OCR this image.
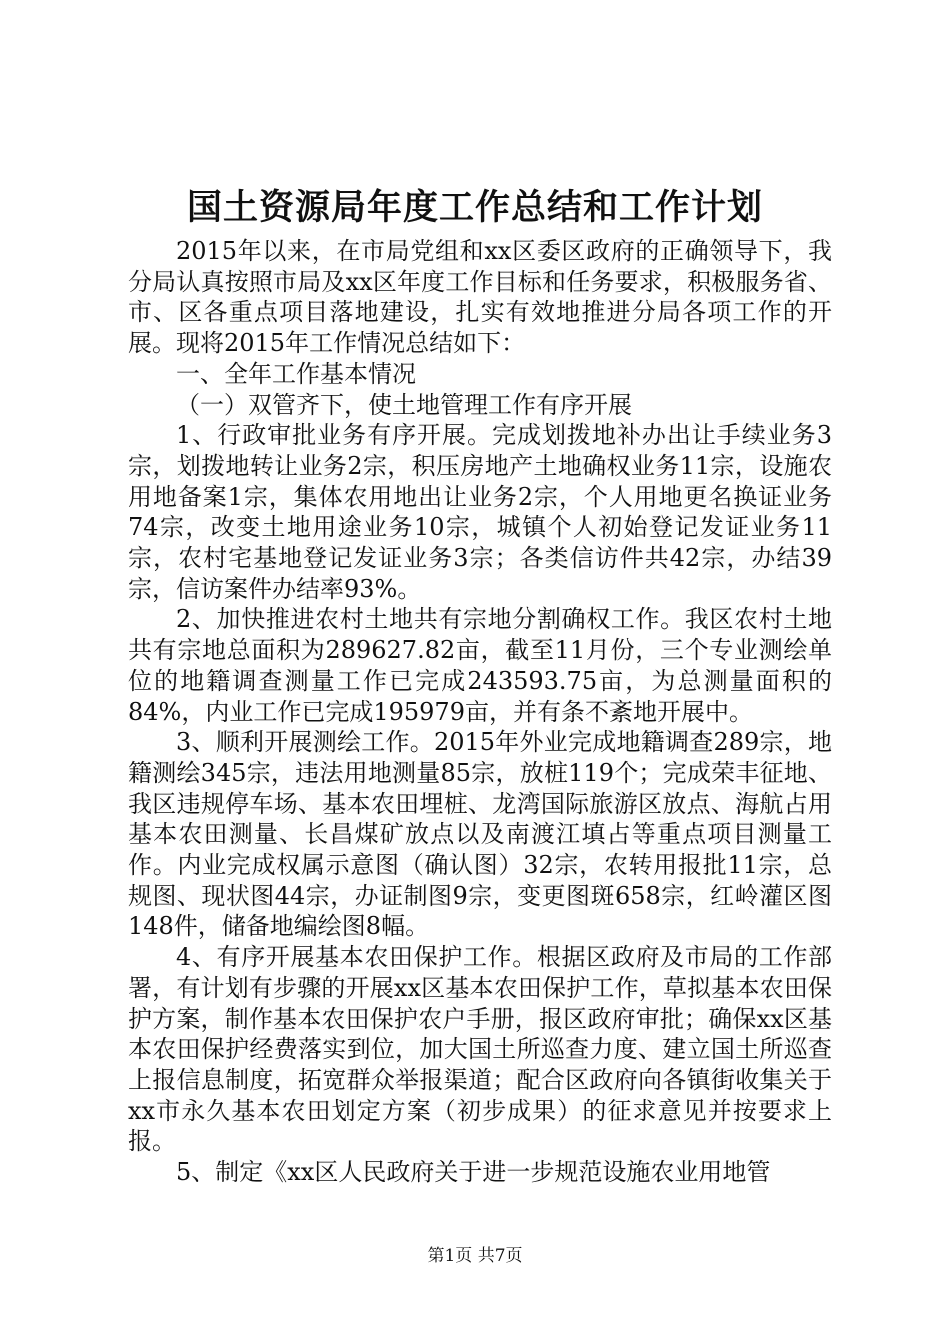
国土资源局年度工作总结和工作计划

2015年以来，在市局党组和xx区委区政府的正确领导下，我分局认真按照市局及xx区年度工作目标和任务要求，积极服务省、市、区各重点项目落地建设，扎实有效地推进分局各项工作的开展。现将2015年工作情况总结如下：

一、全年工作基本情况

（一）双管齐下，使土地管理工作有序开展

1、行政审批业务有序开展。完成划拨地补办出让手续业务3宗，划拨地转让业务2宗，积压房地产土地确权业务11宗，设施农用地备案1宗，集体农用地出让业务2宗，个人用地更名换证业务74宗，改变土地用途业务10宗，城镇个人初始登记发证业务11宗，农村宅基地登记发证业务3宗；各类信访件共42宗，办结39宗，信访案件办结率93%。

2、加快推进农村土地共有宗地分割确权工作。我区农村土地共有宗地总面积为289627.82亩，截至11月份，三个专业测绘单位的地籍调查测量工作已完成243593.75亩，为总测量面积的84%，内业工作已完成195979亩，并有条不紊地开展中。

3、顺利开展测绘工作。2015年外业完成地籍调查289宗，地籍测绘345宗，违法用地测量85宗，放桩119个；完成荣丰征地、我区违规停车场、基本农田埋桩、龙湾国际旅游区放点、海航占用基本农田测量、长昌煤矿放点以及南渡江填占等重点项目测量工作。内业完成权属示意图（确认图）32宗，农转用报批11宗，总规图、现状图44宗，办证制图9宗，变更图斑658宗，红岭灌区图148件，储备地编绘图8幅。

4、有序开展基本农田保护工作。根据区政府及市局的工作部署，有计划有步骤的开展xx区基本农田保护工作，草拟基本农田保护方案，制作基本农田保护农户手册，报区政府审批；确保xx区基本农田保护经费落实到位，加大国土所巡查力度、建立国土所巡查上报信息制度，拓宽群众举报渠道；配合区政府向各镇街收集关于xx市永久基本农田划定方案（初步成果）的征求意见并按要求上报。

5、制定《xx区人民政府关于进一步规范设施农业用地管

第1页 共7页
